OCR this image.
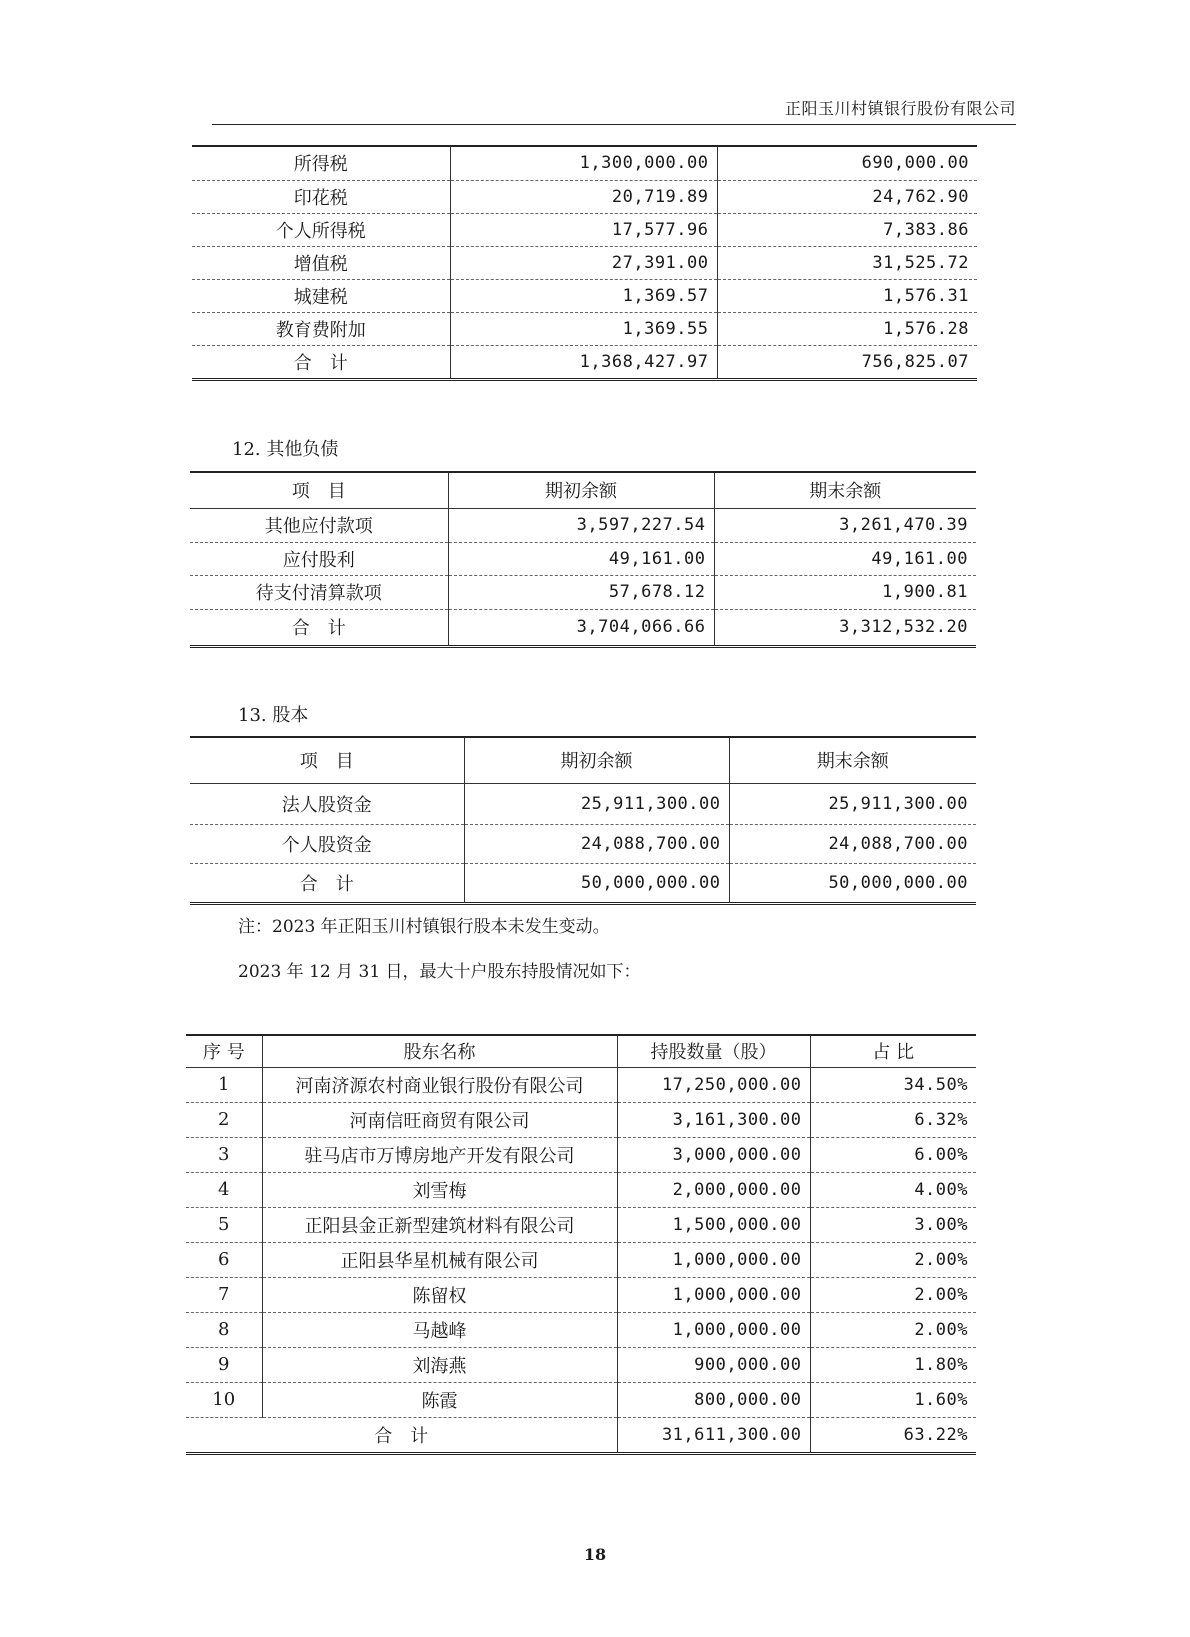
正阳玉川村镇银行股份有限公司
所得税	1,300,000.00	690,000.00
印花税	20,719.89	24,762.90
个人所得税	17,577.96	7,383.86
增值税	27,391.00	31,525.72
城建税	1,369.57	1,576.31
教育费附加	1,369.55	1,576.28
合　计	1,368,427.97	756,825.07
12. 其他负债
项　目	期初余额	期末余额
其他应付款项	3,597,227.54	3,261,470.39
应付股利	49,161.00	49,161.00
待支付清算款项	57,678.12	1,900.81
合　计	3,704,066.66	3,312,532.20
13. 股本
项　目	期初余额	期末余额
法人股资金	25,911,300.00	25,911,300.00
个人股资金	24,088,700.00	24,088,700.00
合　计	50,000,000.00	50,000,000.00
注：2023 年正阳玉川村镇银行股本未发生变动。
2023 年 12 月 31 日，最大十户股东持股情况如下：
序 号	股东名称	持股数量（股）	占 比
1	河南济源农村商业银行股份有限公司	17,250,000.00	34.50%
2	河南信旺商贸有限公司	3,161,300.00	6.32%
3	驻马店市万博房地产开发有限公司	3,000,000.00	6.00%
4	刘雪梅	2,000,000.00	4.00%
5	正阳县金正新型建筑材料有限公司	1,500,000.00	3.00%
6	正阳县华星机械有限公司	1,000,000.00	2.00%
7	陈留权	1,000,000.00	2.00%
8	马越峰	1,000,000.00	2.00%
9	刘海燕	900,000.00	1.80%
10	陈霞	800,000.00	1.60%
合　计		31,611,300.00	63.22%
18
